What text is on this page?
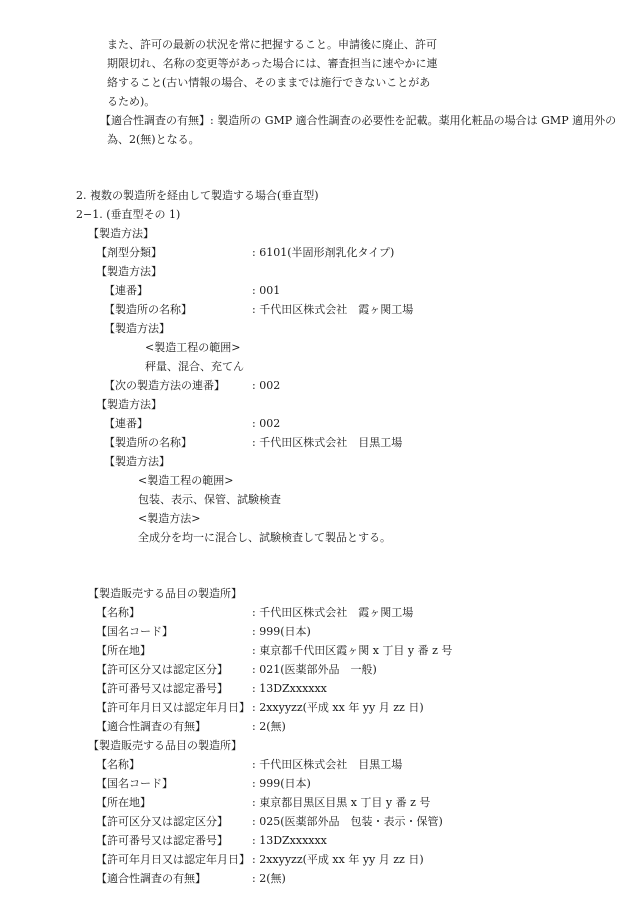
また、許可の最新の状況を常に把握すること。申請後に廃止、許可
期限切れ、名称の変更等があった場合には、審査担当に速やかに連
絡すること(古い情報の場合、そのままでは施行できないことがあ
るため)。
【適合性調査の有無】: 製造所の GMP 適合性調査の必要性を記載。薬用化粧品の場合は GMP 適用外の
為、2(無)となる。
2. 複数の製造所を経由して製造する場合(垂直型)
2−1. (垂直型その 1)
【製造方法】
【剤型分類】	: 6101(半固形剤乳化タイプ)
【製造方法】
【連番】	: 001
【製造所の名称】	: 千代田区株式会社　霞ヶ関工場
【製造方法】
<製造工程の範囲>
秤量、混合、充てん
【次の製造方法の連番】 : 002
【製造方法】
【連番】	: 002
【製造所の名称】	: 千代田区株式会社　目黒工場
【製造方法】
<製造工程の範囲>
包装、表示、保管、試験検査
<製造方法>
全成分を均一に混合し、試験検査して製品とする。
【製造販売する品目の製造所】
【名称】	: 千代田区株式会社　霞ヶ関工場
【国名コード】	: 999(日本)
【所在地】	: 東京都千代田区霞ヶ関 x 丁目 y 番 z 号
【許可区分又は認定区分】 : 021(医薬部外品　一般)
【許可番号又は認定番号】 : 13DZxxxxxx
【許可年月日又は認定年月日】 : 2xxyyzz(平成 xx 年 yy 月 zz 日)
【適合性調査の有無】	: 2(無)
【製造販売する品目の製造所】
【名称】	: 千代田区株式会社　目黒工場
【国名コード】	: 999(日本)
【所在地】	: 東京都目黒区目黒 x 丁目 y 番 z 号
【許可区分又は認定区分】 : 025(医薬部外品　包装・表示・保管)
【許可番号又は認定番号】 : 13DZxxxxxx
【許可年月日又は認定年月日】 : 2xxyyzz(平成 xx 年 yy 月 zz 日)
【適合性調査の有無】	: 2(無)
